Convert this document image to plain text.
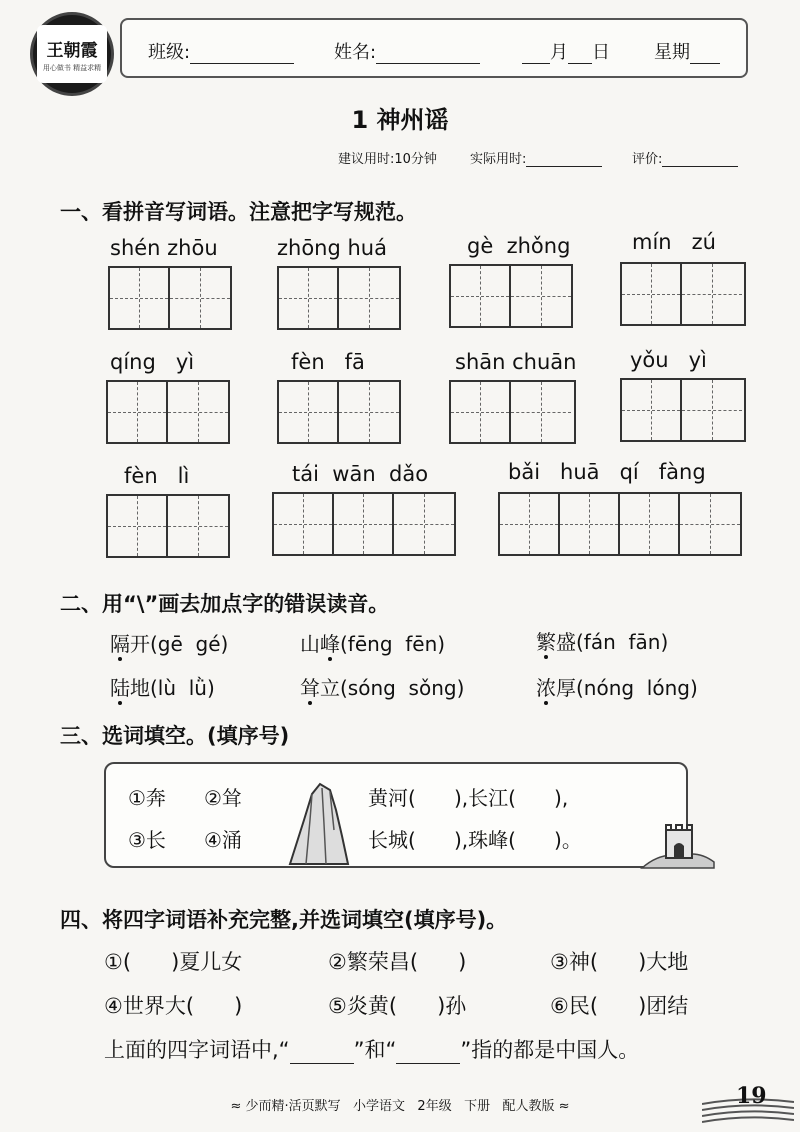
王朝霞
用心做书 精益求精
班级:	姓名:	月 日 星期
1 神州谣
建议用时:10分钟	实际用时:	评价:
一、看拼音写词语。注意把字写规范。
shén zhōu	zhōng huá	gè  zhǒng	mín   zú
qíng   yì	fèn   fā	shān chuān	yǒu   yì
fèn   lì	tái  wān  dǎo	bǎi   huā   qí   fàng
二、用“\”画去加点字的错误读音。
隔开(gē  gé)	山峰(fēng  fēn)	繁盛(fán  fān)
陆地(lù  lǜ)	耸立(sóng  sǒng)	浓厚(nóng  lóng)
三、选词填空。(填序号)
①奔 ②耸
③长 ④涌
黄河(      ),长江(      ),
长城(      ),珠峰(      )。
四、将四字词语补充完整,并选词填空(填序号)。
①(      )夏儿女	②繁荣昌(      )	③神(      )大地
④世界大(      )	⑤炎黄(      )孙	⑥民(      )团结
上面的四字词语中,“	”和“	”指的都是中国人。
≈ 少而精·活页默写   小学语文   2年级   下册   配人教版 ≈	19
